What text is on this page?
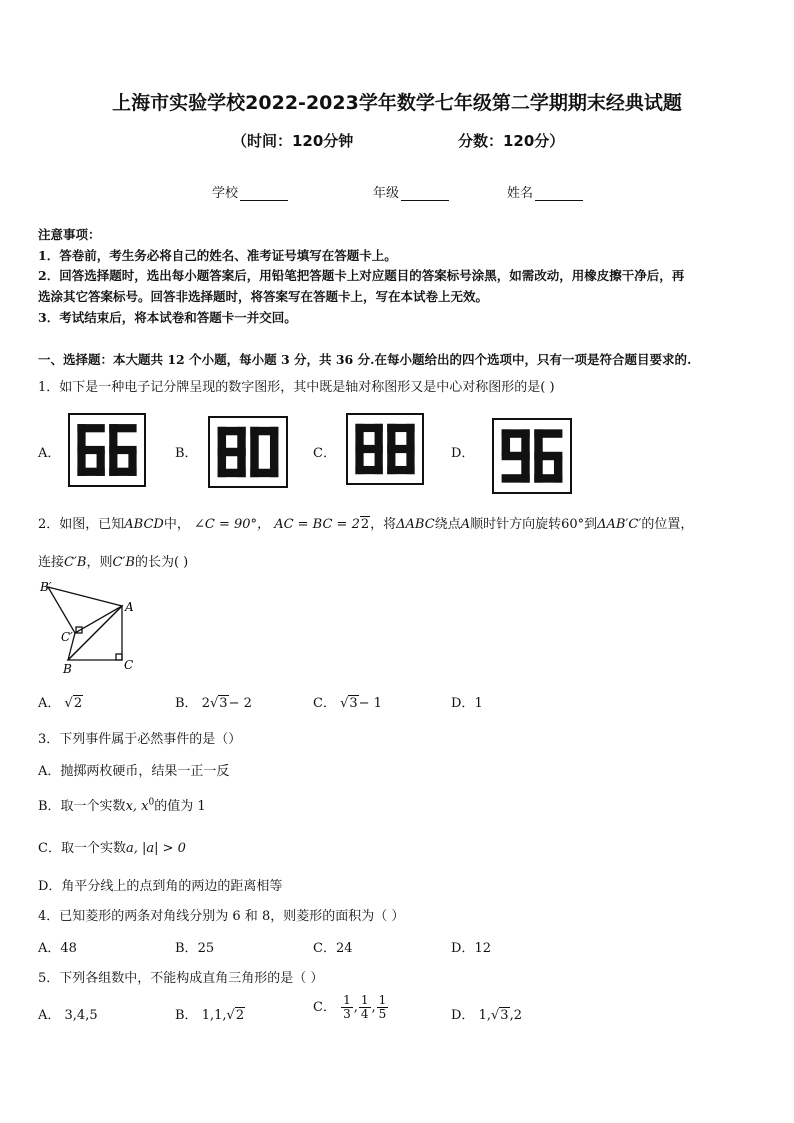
上海市实验学校2022-2023学年数学七年级第二学期期末经典试题
（时间：120分钟	分数：120分）
学校	年级	姓名
注意事项：
1．答卷前，考生务必将自己的姓名、准考证号填写在答题卡上。
2．回答选择题时，选出每小题答案后，用铅笔把答题卡上对应题目的答案标号涂黑，如需改动，用橡皮擦干净后，再
选涂其它答案标号。回答非选择题时，将答案写在答题卡上，写在本试卷上无效。
3．考试结束后，将本试卷和答题卡一并交回。
一、选择题：本大题共 12 个小题，每小题 3 分，共 36 分.在每小题给出的四个选项中，只有一项是符合题目要求的.
1．如下是一种电子记分牌呈现的数字图形，其中既是轴对称图形又是中心对称图形的是( )
A．	B．	C．	D．
2．如图，已知ABCD中， ∠C = 90°， AC = BC = 22，将ΔABC绕点A顺时针方向旋转60°到ΔAB′C′的位置，
连接C′B，则C′B的长为( )
B′
A
C′
B	C
A． √2	B． 2√3− 2	C． √3− 1	D．1
3．下列事件属于必然事件的是（）
A．抛掷两枚硬币，结果一正一反
B．取一个实数x, $x^0$的值为 1
C．取一个实数a, |a| > 0
D．角平分线上的点到角的两边的距离相等
4．已知菱形的两条对角线分别为 6 和 8，则菱形的面积为（ ）
A．48	B．25	C．24	D．12
5．下列各组数中，不能构成直角三角形的是（ ）
A． 3,4,5	B． 1,1,√2
C． $\frac{1}{3}$ , $\frac{1}{4}$ , $\frac{1}{5}$	D． 1,√3,2
